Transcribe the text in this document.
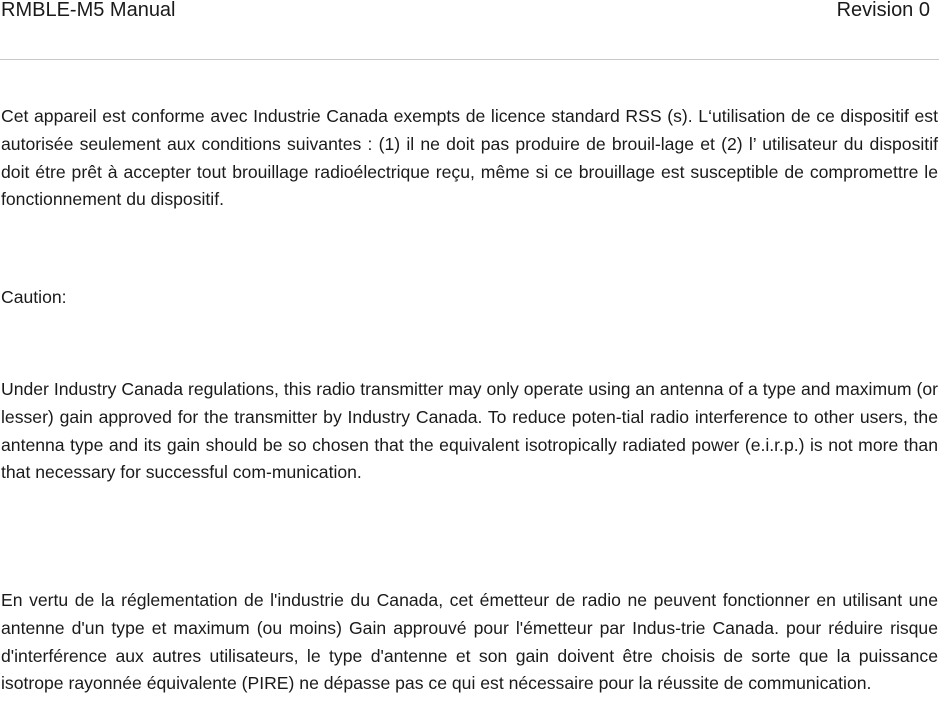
RMBLE-M5 Manual	Revision 0

Cet appareil est conforme avec Industrie Canada exempts de licence standard RSS (s). L‘utilisation de ce dispositif est autorisée seulement aux conditions suivantes : (1) il ne doit pas produire de brouil-lage et (2) l’ utilisateur du dispositif doit étre prêt à accepter tout brouillage radioélectrique reçu, même si ce brouillage est susceptible de compromettre le fonctionnement du dispositif.

Caution:

Under Industry Canada regulations, this radio transmitter may only operate using an antenna of a type and maximum (or lesser) gain approved for the transmitter by Industry Canada. To reduce poten-tial radio interference to other users, the antenna type and its gain should be so chosen that the equivalent isotropically radiated power (e.i.r.p.) is not more than that necessary for successful com-munication.

En vertu de la réglementation de l'industrie du Canada, cet émetteur de radio ne peuvent fonctionner en utilisant une antenne d'un type et maximum (ou moins) Gain approuvé pour l'émetteur par Indus-trie Canada. pour réduire risque d'interférence aux autres utilisateurs, le type d'antenne et son gain doivent être choisis de sorte que la puissance isotrope rayonnée équivalente (PIRE) ne dépasse pas ce qui est nécessaire pour la réussite de communication.
